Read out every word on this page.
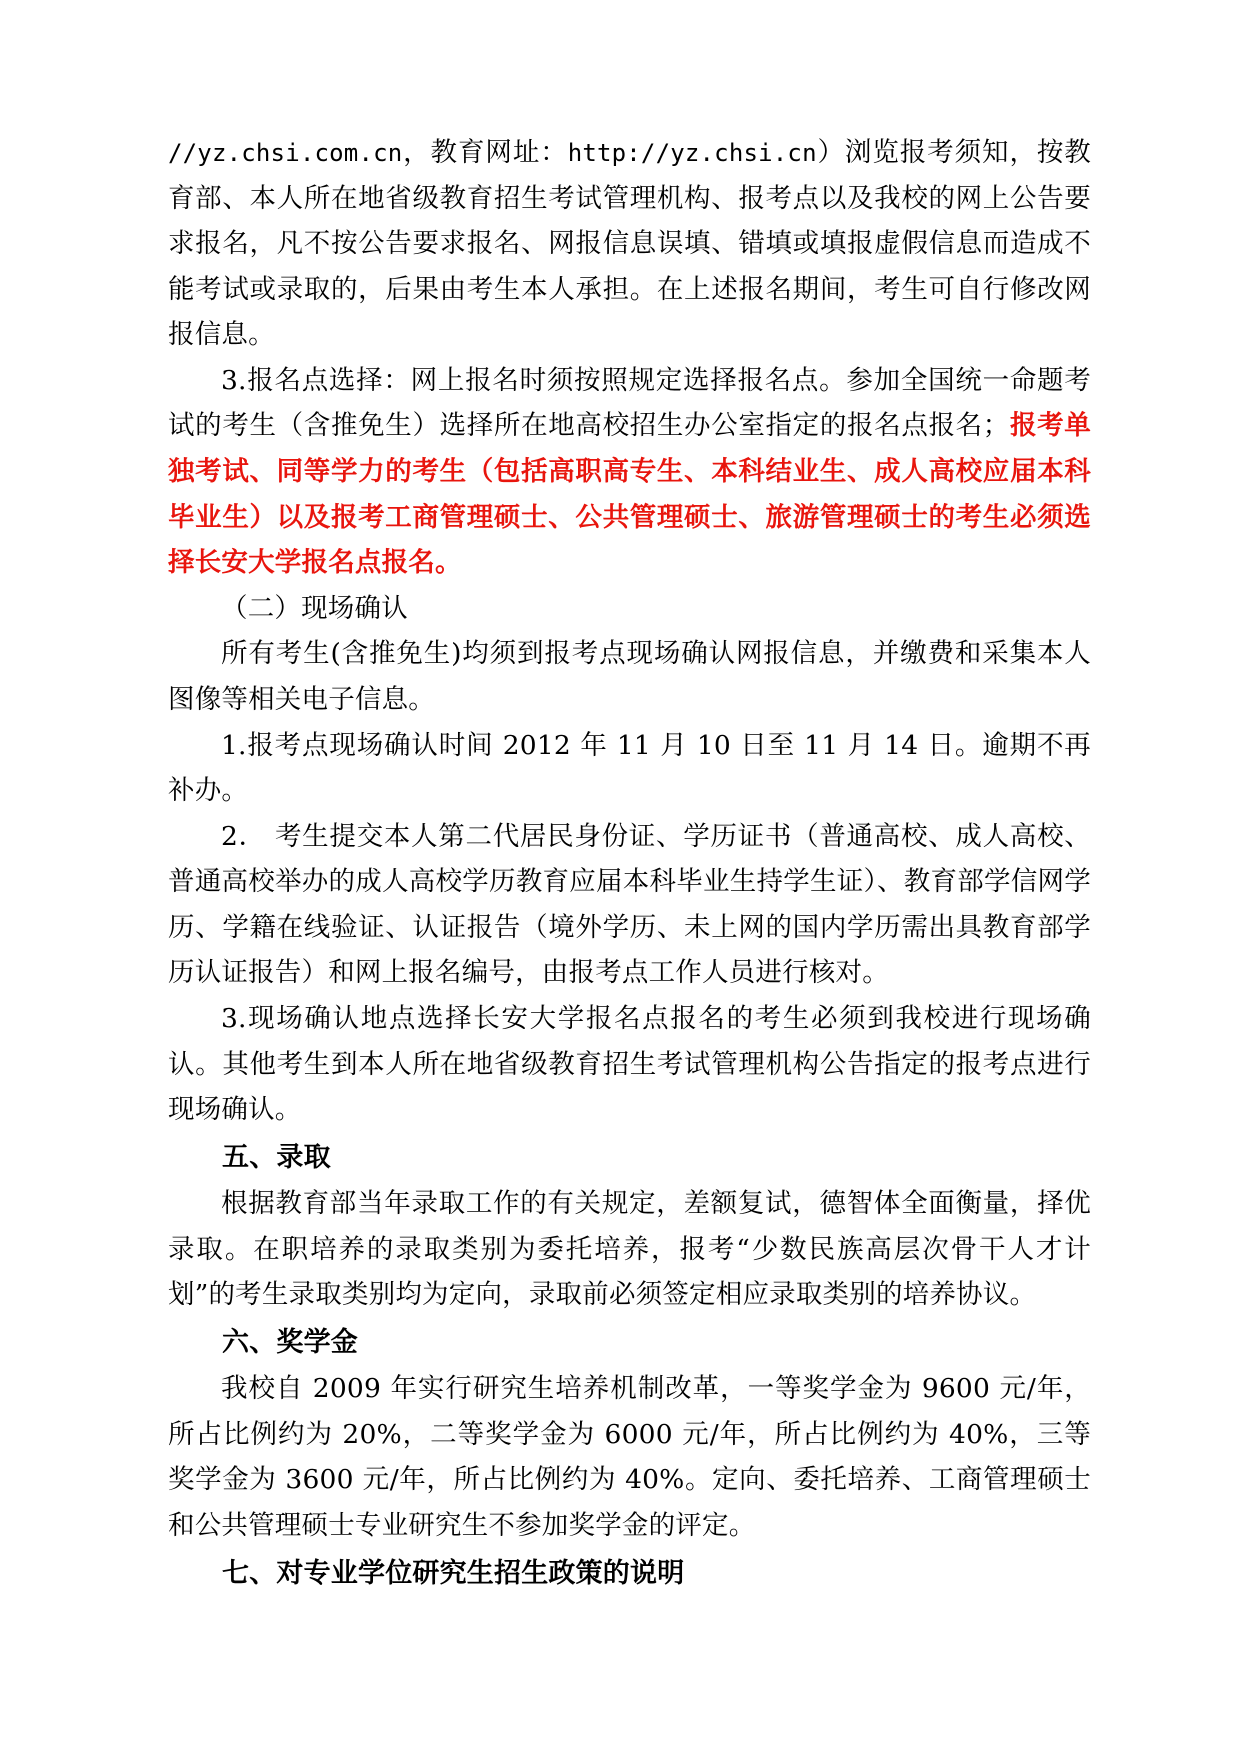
//yz.chsi.com.cn，教育网址：http://yz.chsi.cn）浏览报考须知，按教育部、本人所在地省级教育招生考试管理机构、报考点以及我校的网上公告要求报名，凡不按公告要求报名、网报信息误填、错填或填报虚假信息而造成不能考试或录取的，后果由考生本人承担。在上述报名期间，考生可自行修改网报信息。

3.报名点选择：网上报名时须按照规定选择报名点。参加全国统一命题考试的考生（含推免生）选择所在地高校招生办公室指定的报名点报名；报考单独考试、同等学力的考生（包括高职高专生、本科结业生、成人高校应届本科毕业生）以及报考工商管理硕士、公共管理硕士、旅游管理硕士的考生必须选择长安大学报名点报名。

（二）现场确认

所有考生(含推免生)均须到报考点现场确认网报信息，并缴费和采集本人图像等相关电子信息。

1.报考点现场确认时间 2012 年 11 月 10 日至 11 月 14 日。逾期不再补办。

2． 考生提交本人第二代居民身份证、学历证书（普通高校、成人高校、普通高校举办的成人高校学历教育应届本科毕业生持学生证）、教育部学信网学历、学籍在线验证、认证报告（境外学历、未上网的国内学历需出具教育部学历认证报告）和网上报名编号，由报考点工作人员进行核对。

3.现场确认地点选择长安大学报名点报名的考生必须到我校进行现场确认。其他考生到本人所在地省级教育招生考试管理机构公告指定的报考点进行现场确认。

五、录取

根据教育部当年录取工作的有关规定，差额复试，德智体全面衡量，择优录取。在职培养的录取类别为委托培养，报考“少数民族高层次骨干人才计划”的考生录取类别均为定向，录取前必须签定相应录取类别的培养协议。

六、奖学金

我校自 2009 年实行研究生培养机制改革，一等奖学金为 9600 元/年，所占比例约为 20%，二等奖学金为 6000 元/年，所占比例约为 40%，三等奖学金为 3600 元/年，所占比例约为 40%。定向、委托培养、工商管理硕士和公共管理硕士专业研究生不参加奖学金的评定。

七、对专业学位研究生招生政策的说明
